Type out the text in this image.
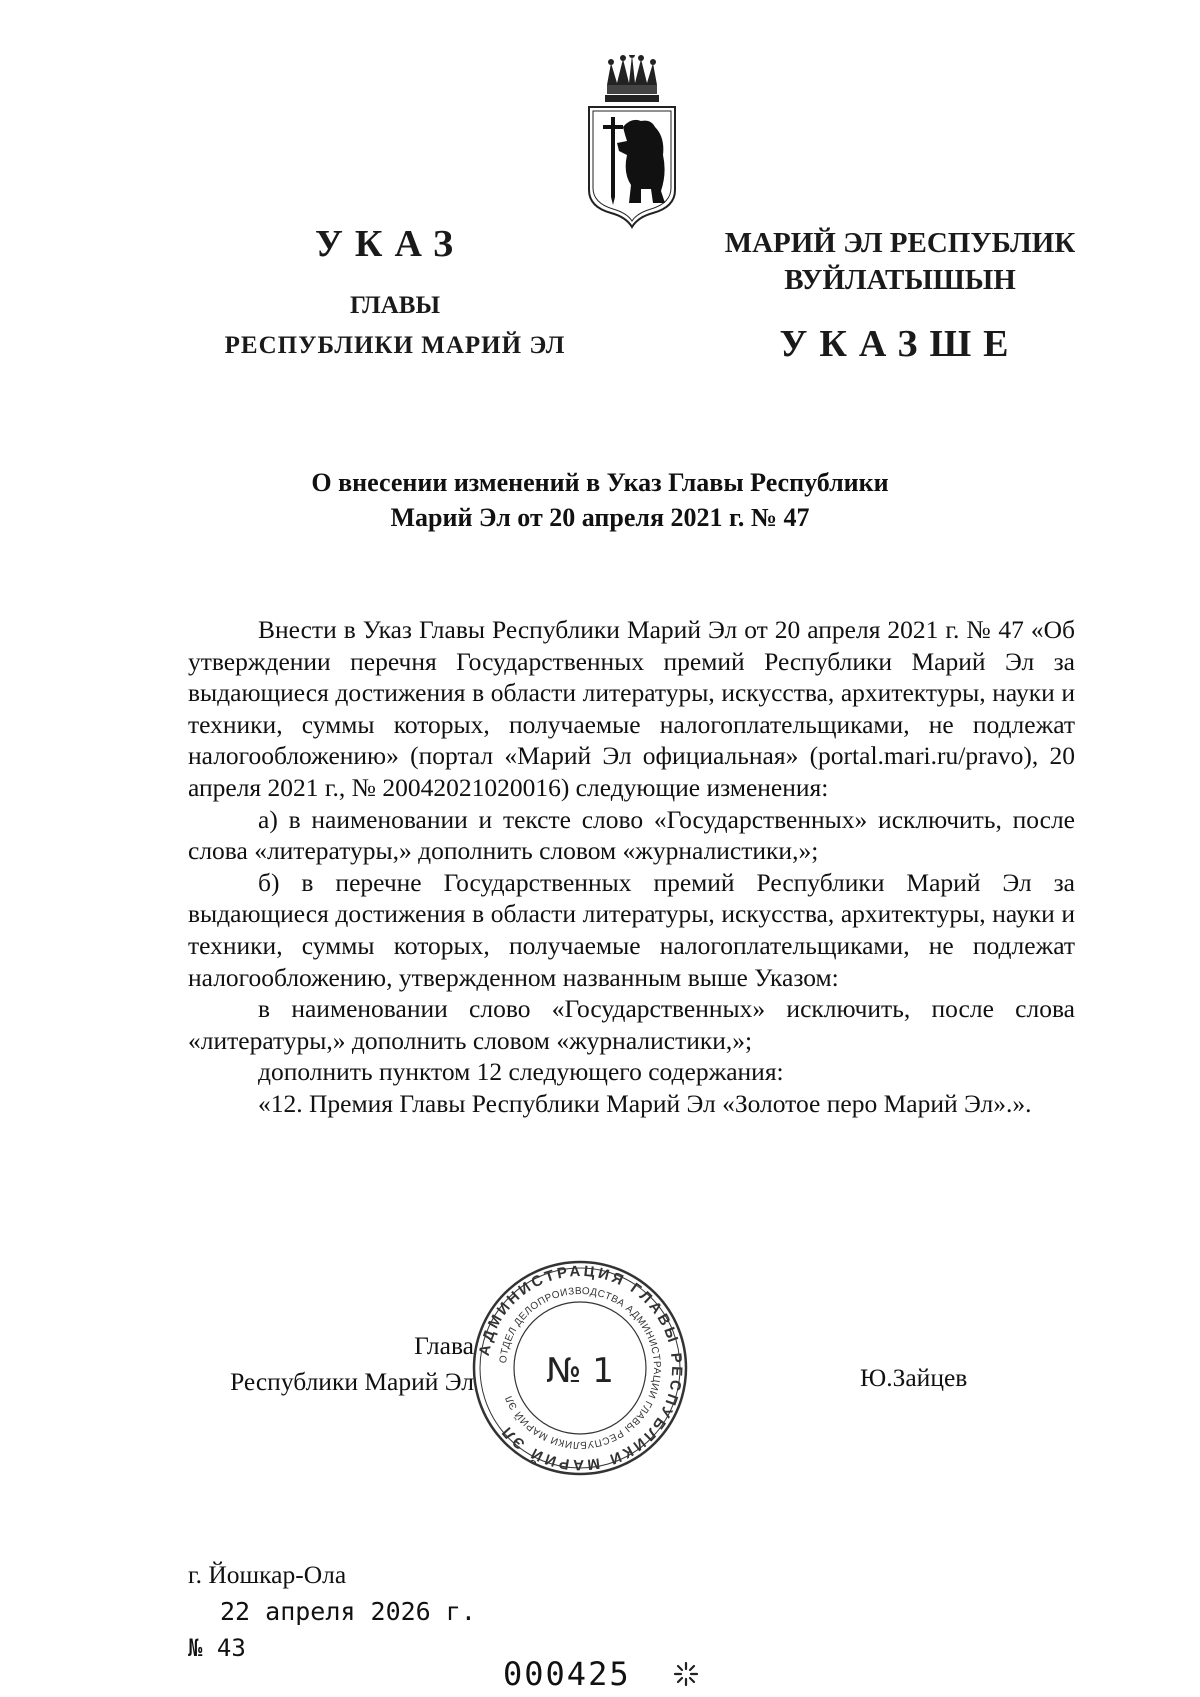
УКАЗ
ГЛАВЫ
РЕСПУБЛИКИ МАРИЙ ЭЛ
МАРИЙ ЭЛ РЕСПУБЛИК
ВУЙЛАТЫШЫН
УКАЗШЕ
О внесении изменений в Указ Главы Республики
Марий Эл от 20 апреля 2021 г. № 47

Внести в Указ Главы Республики Марий Эл от 20 апреля 2021 г. № 47 «Об утверждении перечня Государственных премий Республики Марий Эл за выдающиеся достижения в области литературы, искусства, архитектуры, науки и техники, суммы которых, получаемые налогоплательщиками, не подлежат налогообложению» (портал «Марий Эл официальная» (portal.mari.ru/pravo), 20 апреля 2021 г., № 20042021020016) следующие изменения:

а) в наименовании и тексте слово «Государственных» исключить, после слова «литературы,» дополнить словом «журналистики,»;

б) в перечне Государственных премий Республики Марий Эл за выдающиеся достижения в области литературы, искусства, архитектуры, науки и техники, суммы которых, получаемые налогоплательщиками, не подлежат налогообложению, утвержденном названным выше Указом:

в наименовании слово «Государственных» исключить, после слова «литературы,» дополнить словом «журналистики,»;

дополнить пунктом 12 следующего содержания:

«12. Премия Главы Республики Марий Эл «Золотое перо Марий Эл».».

Глава
Республики Марий Эл	Ю.Зайцев
АДМИНИСТРАЦИЯ ГЛАВЫ РЕСПУБЛИКИ МАРИЙ ЭЛ
ОТДЕЛ ДЕЛОПРОИЗВОДСТВА АДМИНИСТРАЦИИ ГЛАВЫ РЕСПУБЛИКИ МАРИЙ ЭЛ
№ 1
г. Йошкар-Ола
22 апреля 2026 г.
№ 43
000425
